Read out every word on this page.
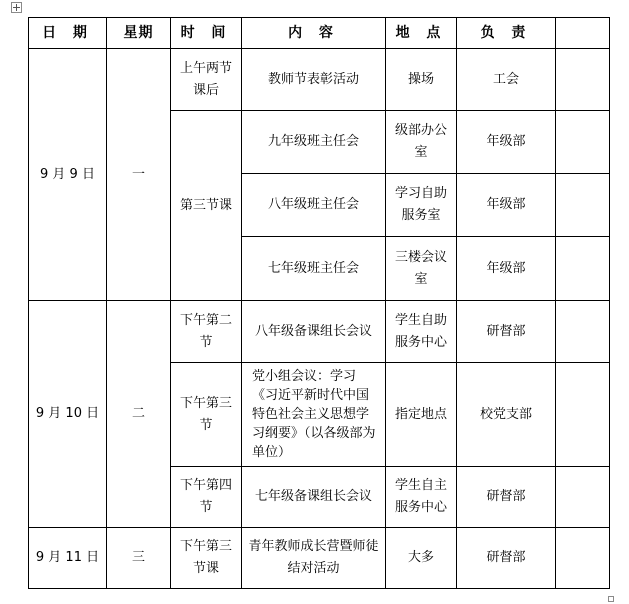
日 期	星期	时 间	内 容	地 点	负 责	
9 月 9 日	一	上午两节课后	教师节表彰活动	操场	工会	
		第三节课	九年级班主任会	级部办公室	年级部	
			八年级班主任会	学习自助服务室	年级部	
			七年级班主任会	三楼会议室	年级部	
9 月 10 日	二	下午第二节	八年级备课组长会议	学生自助服务中心	研督部	
		下午第三节	党小组会议：学习《习近平新时代中国特色社会主义思想学习纲要》（以各级部为单位）	指定地点	校党支部	
		下午第四节	七年级备课组长会议	学生自主服务中心	研督部	
9 月 11 日	三	下午第三节课	青年教师成长营暨师徒结对活动	大多	研督部	
